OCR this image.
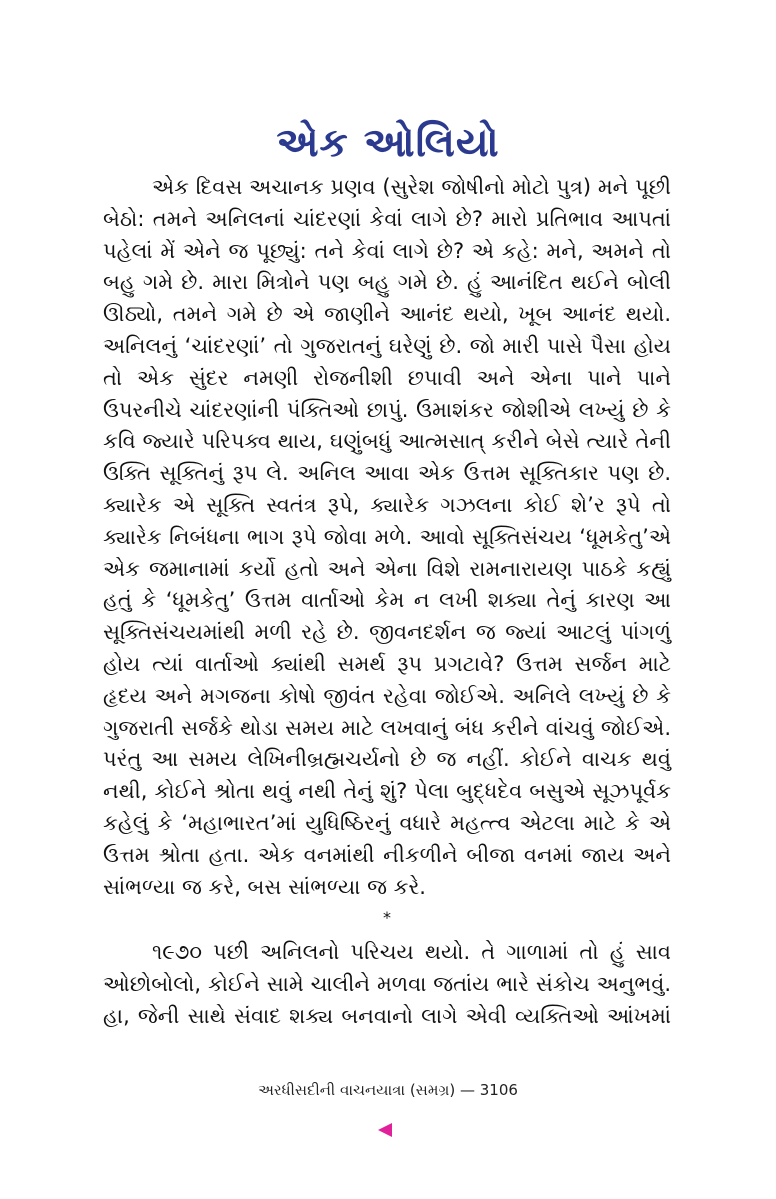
એક ઓલિયો

એક દિવસ અચાનક પ્રણવ (સુરેશ જોષીનો મોટો પુત્ર) મને પૂછી બેઠો: તમને અનિલનાં ચાંદરણાં કેવાં લાગે છે? મારો પ્રતિભાવ આપતાં પહેલાં મેં એને જ પૂછ્યું: તને કેવાં લાગે છે? એ કહે: મને, અમને તો બહુ ગમે છે. મારા મિત્રોને પણ બહુ ગમે છે. હું આનંદિત થઈને બોલી ઊઠ્યો, તમને ગમે છે એ જાણીને આનંદ થયો, ખૂબ આનંદ થયો. અનિલનું ‘ચાંદરણાં’ તો ગુજરાતનું ઘરેણું છે. જો મારી પાસે પૈસા હોય તો એક સુંદર નમણી રોજનીશી છપાવી અને એના પાને પાને ઉપરનીચે ચાંદરણાંની પંક્તિઓ છાપું. ઉમાશંકર જોશીએ લખ્યું છે કે કવિ જ્યારે પરિપક્વ થાય, ઘણુંબધું આત્મસાત્ કરીને બેસે ત્યારે તેની ઉક્તિ સૂક્તિનું રૂપ લે. અનિલ આવા એક ઉત્તમ સૂક્તિકાર પણ છે. ક્યારેક એ સૂક્તિ સ્વતંત્ર રૂપે, ક્યારેક ગઝલના કોઈ શે’ર રૂપે તો ક્યારેક નિબંધના ભાગ રૂપે જોવા મળે. આવો સૂક્તિસંચય ‘ધૂમકેતુ’એ એક જમાનામાં કર્યો હતો અને એના વિશે રામનારાયણ પાઠકે કહ્યું હતું કે ‘ધૂમકેતુ’ ઉત્તમ વાર્તાઓ કેમ ન લખી શક્યા તેનું કારણ આ સૂક્તિસંચયમાંથી મળી રહે છે. જીવનદર્શન જ જ્યાં આટલું પાંગળું હોય ત્યાં વાર્તાઓ ક્યાંથી સમર્થ રૂપ પ્રગટાવે? ઉત્તમ સર્જન માટે હૃદય અને મગજના કોષો જીવંત રહેવા જોઈએ. અનિલે લખ્યું છે કે ગુજરાતી સર્જકે થોડા સમય માટે લખવાનું બંધ કરીને વાંચવું જોઈએ. પરંતુ આ સમય લેખિનીબ્રહ્મચર્યનો છે જ નહીં. કોઈને વાચક થવું નથી, કોઈને શ્રોતા થવું નથી તેનું શું? પેલા બુદ્ધદેવ બસુએ સૂઝપૂર્વક કહેલું કે ‘મહાભારત’માં યુધિષ્ઠિરનું વધારે મહત્ત્વ એટલા માટે કે એ ઉત્તમ શ્રોતા હતા. એક વનમાંથી નીકળીને બીજા વનમાં જાય અને સાંભળ્યા જ કરે, બસ સાંભળ્યા જ કરે.

*

૧૯૭૦ પછી અનિલનો પરિચય થયો. તે ગાળામાં તો હું સાવ ઓછોબોલો, કોઈને સામે ચાલીને મળવા જતાંય ભારે સંકોચ અનુભવું. હા, જેની સાથે સંવાદ શક્ય બનવાનો લાગે એવી વ્યક્તિઓ આંખમાં

અરધીસદીની વાચનયાત્રા (સમગ્ર) — 3106
